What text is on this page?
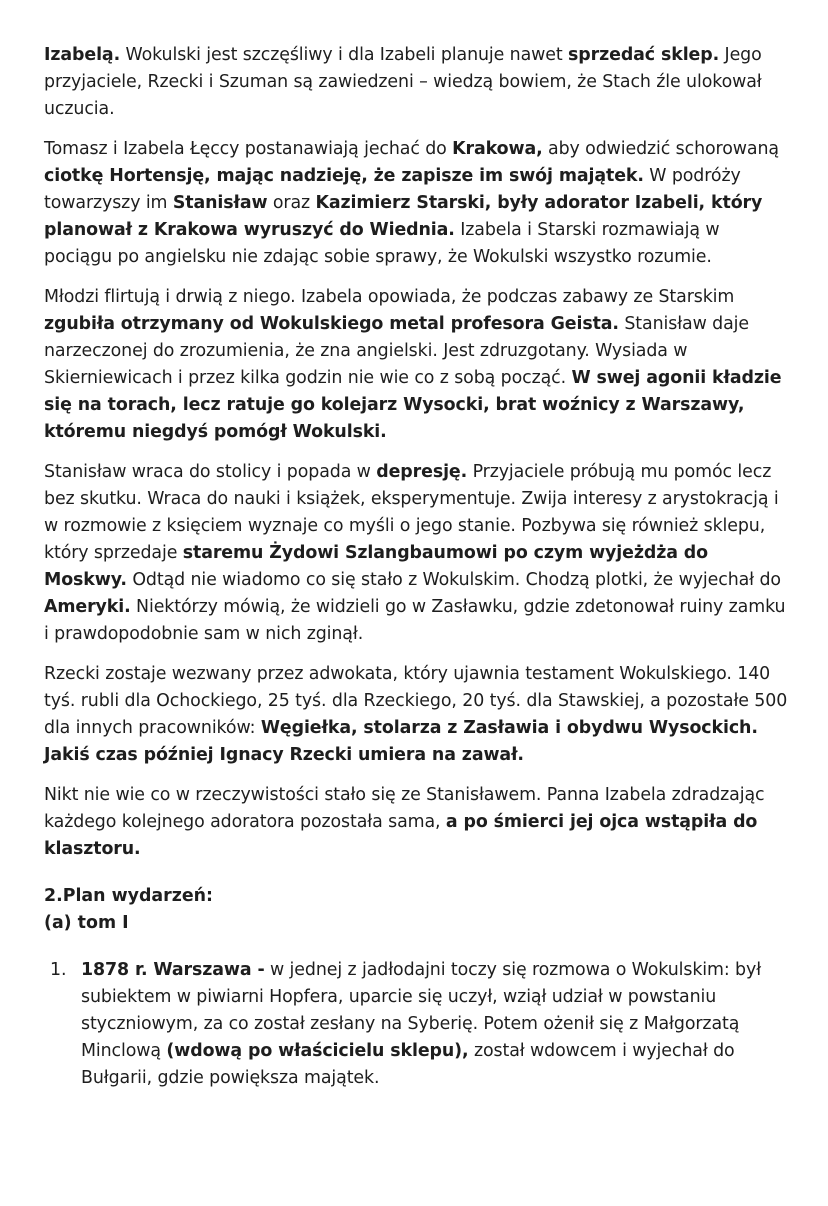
Izabelą. Wokulski jest szczęśliwy i dla Izabeli planuje nawet sprzedać sklep. Jego przyjaciele, Rzecki i Szuman są zawiedzeni – wiedzą bowiem, że Stach źle ulokował uczucia.

Tomasz i Izabela Łęccy postanawiają jechać do Krakowa, aby odwiedzić schorowaną ciotkę Hortensję, mając nadzieję, że zapisze im swój majątek. W podróży towarzyszy im Stanisław oraz Kazimierz Starski, były adorator Izabeli, który planował z Krakowa wyruszyć do Wiednia. Izabela i Starski rozmawiają w pociągu po angielsku nie zdając sobie sprawy, że Wokulski wszystko rozumie.

Młodzi flirtują i drwią z niego. Izabela opowiada, że podczas zabawy ze Starskim zgubiła otrzymany od Wokulskiego metal profesora Geista. Stanisław daje narzeczonej do zrozumienia, że zna angielski. Jest zdruzgotany. Wysiada w Skierniewicach i przez kilka godzin nie wie co z sobą począć. W swej agonii kładzie się na torach, lecz ratuje go kolejarz Wysocki, brat woźnicy z Warszawy, któremu niegdyś pomógł Wokulski.

Stanisław wraca do stolicy i popada w depresję. Przyjaciele próbują mu pomóc lecz bez skutku. Wraca do nauki i książek, eksperymentuje. Zwija interesy z arystokracją i w rozmowie z księciem wyznaje co myśli o jego stanie. Pozbywa się również sklepu, który sprzedaje staremu Żydowi Szlangbaumowi po czym wyjeżdża do Moskwy. Odtąd nie wiadomo co się stało z Wokulskim. Chodzą plotki, że wyjechał do Ameryki. Niektórzy mówią, że widzieli go w Zasławku, gdzie zdetonował ruiny zamku i prawdopodobnie sam w nich zginął.

Rzecki zostaje wezwany przez adwokata, który ujawnia testament Wokulskiego. 140 tyś. rubli dla Ochockiego, 25 tyś. dla Rzeckiego, 20 tyś. dla Stawskiej, a pozostałe 500 dla innych pracowników: Węgiełka, stolarza z Zasławia i obydwu Wysockich. Jakiś czas później Ignacy Rzecki umiera na zawał.

Nikt nie wie co w rzeczywistości stało się ze Stanisławem. Panna Izabela zdradzając każdego kolejnego adoratora pozostała sama, a po śmierci jej ojca wstąpiła do klasztoru.

2.Plan wydarzeń:
(a) tom I
1. 1878 r. Warszawa - w jednej z jadłodajni toczy się rozmowa o Wokulskim: był subiektem w piwiarni Hopfera, uparcie się uczył, wziął udział w powstaniu styczniowym, za co został zesłany na Syberię. Potem ożenił się z Małgorzatą Minclową (wdową po właścicielu sklepu), został wdowcem i wyjechał do Bułgarii, gdzie powiększa majątek.
